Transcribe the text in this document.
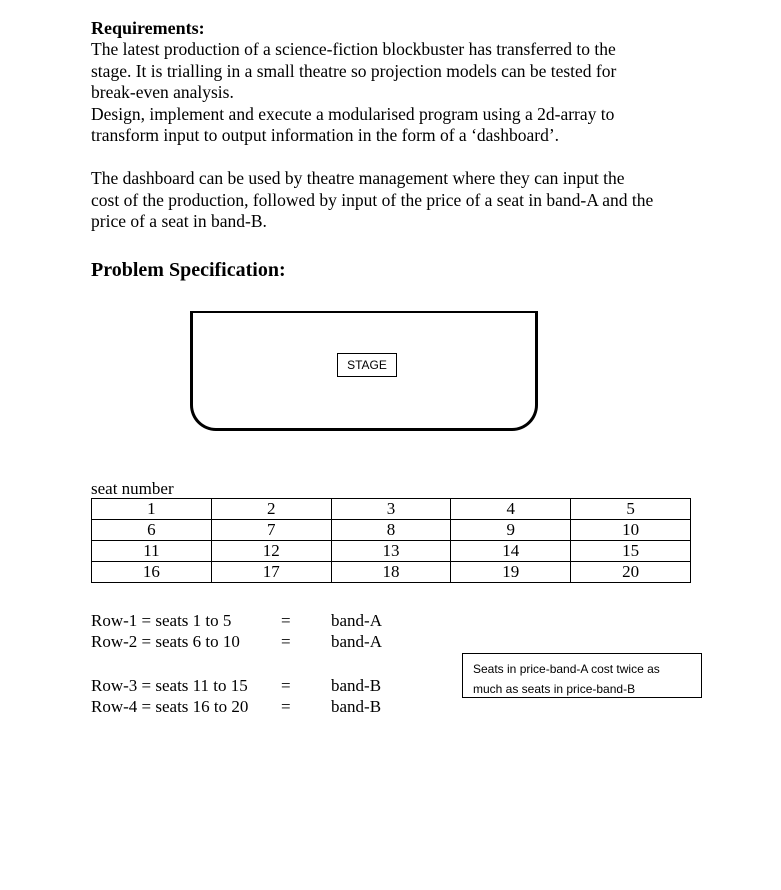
Requirements:
The latest production of a science-fiction blockbuster has transferred to the
stage. It is trialling in a small theatre so projection models can be tested for
break-even analysis.
Design, implement and execute a modularised program using a 2d-array to
transform input to output information in the form of a ‘dashboard’.
The dashboard can be used by theatre management where they can input the
cost of the production, followed by input of the price of a seat in band-A and the
price of a seat in band-B.
Problem Specification:
STAGE
seat number
1	2	3	4	5
6	7	8	9	10
11	12	13	14	15
16	17	18	19	20
Row-1 = seats 1 to 5	= band-A
Row-2 = seats 6 to 10 = band-A
Row-3 = seats 11 to 15 = band-B
Row-4 = seats 16 to 20 = band-B
Seats in price-band-A cost twice as
much as seats in price-band-B
